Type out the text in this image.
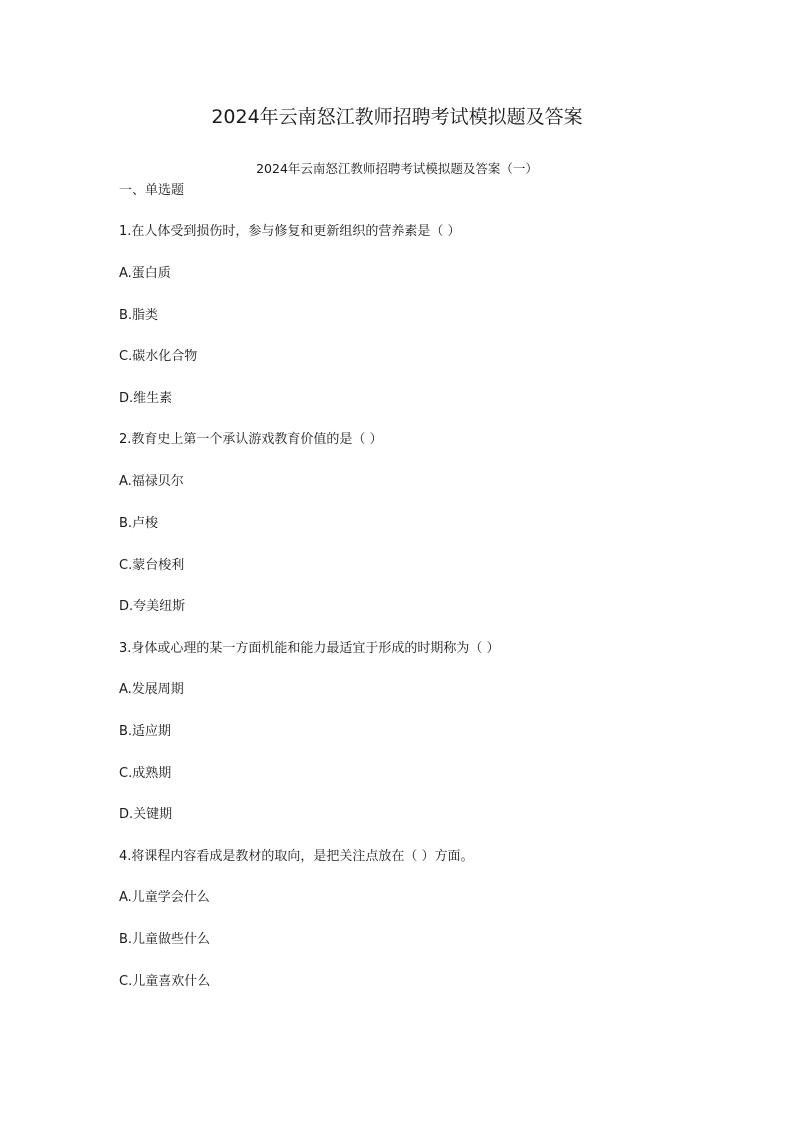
2024年云南怒江教师招聘考试模拟题及答案
2024年云南怒江教师招聘考试模拟题及答案（一）
一、单选题
1.在人体受到损伤时，参与修复和更新组织的营养素是（ ）
A.蛋白质
B.脂类
C.碳水化合物
D.维生素
2.教育史上第一个承认游戏教育价值的是（ ）
A.福禄贝尔
B.卢梭
C.蒙台梭利
D.夸美纽斯
3.身体或心理的某一方面机能和能力最适宜于形成的时期称为（ ）
A.发展周期
B.适应期
C.成熟期
D.关键期
4.将课程内容看成是教材的取向，是把关注点放在（ ）方面。
A.儿童学会什么
B.儿童做些什么
C.儿童喜欢什么
